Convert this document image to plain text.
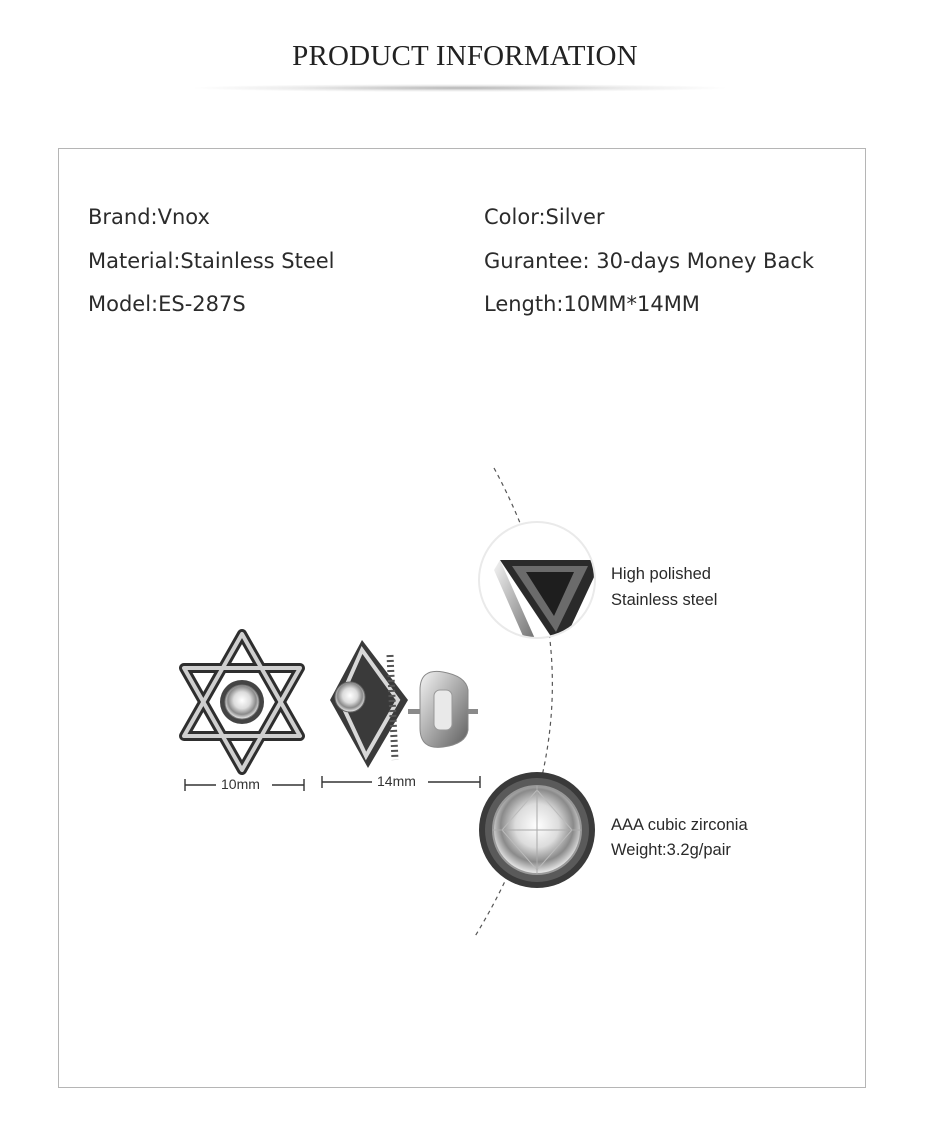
PRODUCT INFORMATION
Brand:Vnox
Material:Stainless Steel
Model:ES-287S
Color:Silver
Gurantee: 30-days Money Back
Length:10MM*14MM
10mm	14mm
High polished
Stainless steel
AAA cubic zirconia
Weight:3.2g/pair
